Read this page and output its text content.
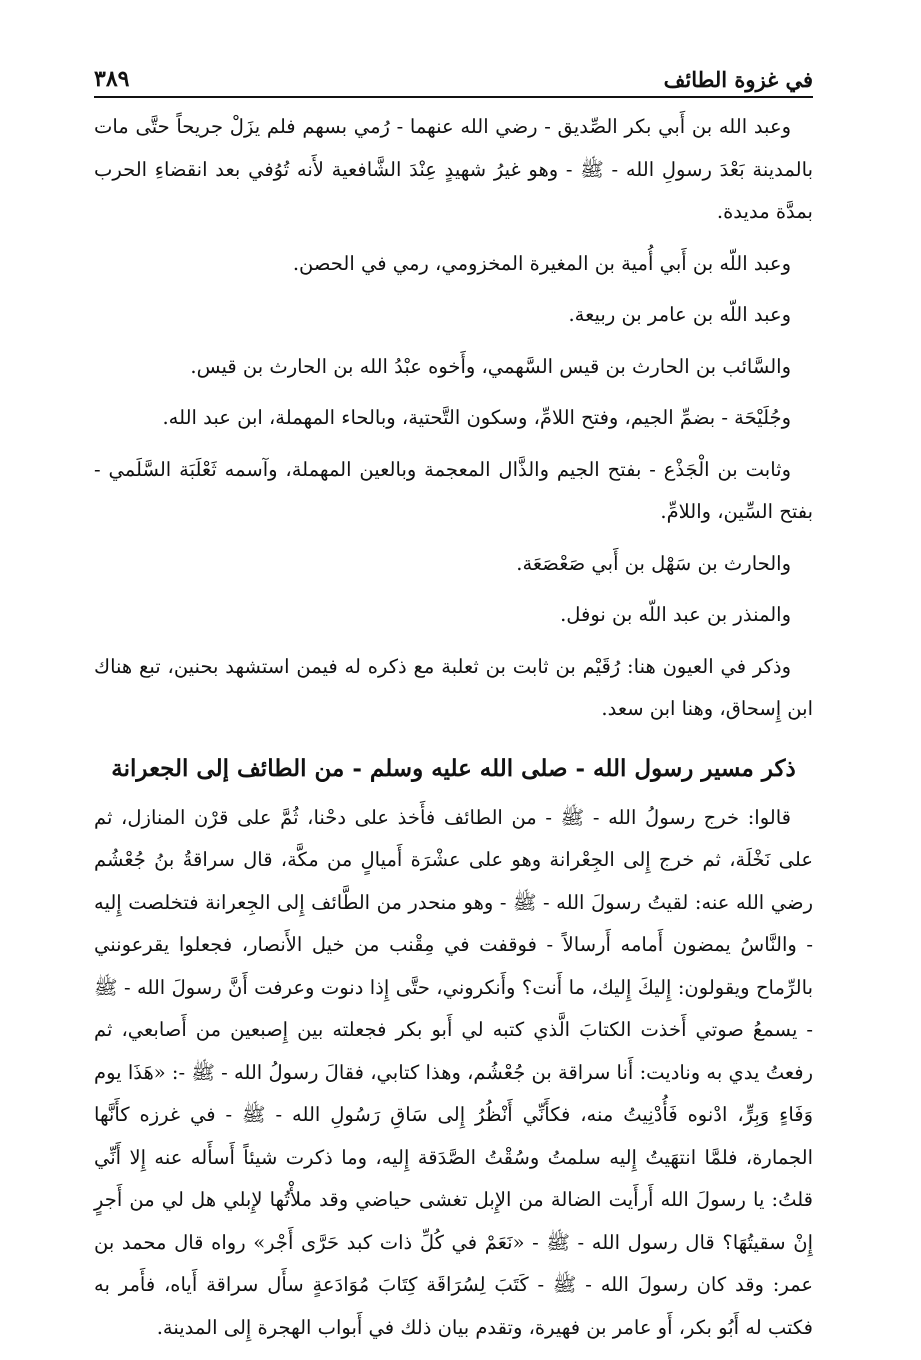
في غزوة الطائف
٣٨٩

وعبد الله بن أَبي بكر الصِّديق - رضي الله عنهما - رُمي بسهم فلم يزَلْ جريحاً حتَّى مات بالمدينة بَعْدَ رسولِ الله - ﷺ - وهو غيرُ شهيدٍ عِنْدَ الشَّافعية لأَنه تُوُفي بعد انقضاءِ الحرب بمدَّة مديدة.

وعبد اللّه بن أَبي أُمية بن المغيرة المخزومي، رمي في الحصن.

وعبد اللّه بن عامر بن ربيعة.

والسَّائب بن الحارث بن قيس السَّهمي، وأَخوه عبْدُ الله بن الحارث بن قيس.

وجُلَيْحَة - بضمِّ الجيم، وفتح اللامِّ، وسكون التَّحتية، وبالحاء المهملة، ابن عبد الله.

وثابت بن الْجَذْع - بفتح الجيم والذَّال المعجمة وبالعين المهملة، وآسمه ثَعْلَبَة السَّلَمي - بفتح السِّين، واللامِّ.

والحارث بن سَهْل بن أَبي صَعْصَعَة.

والمنذر بن عبد اللّه بن نوفل.

وذكر في العيون هنا: رُقَيْم بن ثابت بن ثعلبة مع ذكره له فيمن استشهد بحنين، تبع هناك ابن إِسحاق، وهنا ابن سعد.

ذكر مسير رسول الله - صلى الله عليه وسلم - من الطائف إلى الجعرانة

قالوا: خرج رسولُ الله - ﷺ - من الطائف فأَخذ على دحْنا، ثُمَّ على قرْن المنازل، ثم على نَخْلَة، ثم خرج إِلى الجِعْرانة وهو على عشْرَة أَميالٍ من مكَّة، قال سراقةُ بنُ جُعْشُم رضي الله عنه: لقيتُ رسولَ الله - ﷺ - وهو منحدر من الطَّائف إِلى الجِعرانة فتخلصت إِليه - والنَّاسُ يمضون أَمامه أَرسالاً - فوقفت في مِقْنب من خيل الأَنصار، فجعلوا يقرعونني بالرِّماح ويقولون: إِليكَ إِليك، ما أَنت؟ وأَنكروني، حتَّى إِذا دنوت وعرفت أَنَّ رسولَ الله - ﷺ - يسمعُ صوتي أَخذت الكتابَ الَّذي كتبه لي أَبو بكر فجعلته بين إِصبعين من أَصابعي، ثم رفعتُ يدي به وناديت: أَنا سراقة بن جُعْشُم، وهذا كتابي، فقالَ رسولُ الله - ﷺ -: «هَذَا يوم وَفَاءٍ وَبِرٍّ، ادْنوه فَأُدْنِيتُ منه، فكأَنِّي أَنْظُرُ إِلى سَاقِ رَسُولِ الله - ﷺ - في غرزه كأَنَّها الجمارة، فلمَّا انتهَيتُ إِليه سلمتُ وسُقْتُ الصَّدَقة إِليه، وما ذكرت شيئاً أَسأَله عنه إِلا أَنِّي قلتُ: يا رسولَ الله أَرأَيت الضالة من الإِبل تغشى حياضي وقد ملأْتُها لإِبلي هل لي من أَجرٍ إِنْ سقيتُهَا؟ قال رسول الله - ﷺ - «نَعَمْ في كُلِّ ذات كبد حَرَّى أَجْر» رواه قال محمد بن عمر: وقد كان رسولَ الله - ﷺ - كَتَبَ لِسُرَاقَة كِتَابَ مُوَادَعةٍ سأَل سراقة أَياه، فأَمر به فكتب له أَبُو بكر، أَو عامر بن فهيرة، وتقدم بيان ذلك في أَبواب الهجرة إِلى المدينة.
